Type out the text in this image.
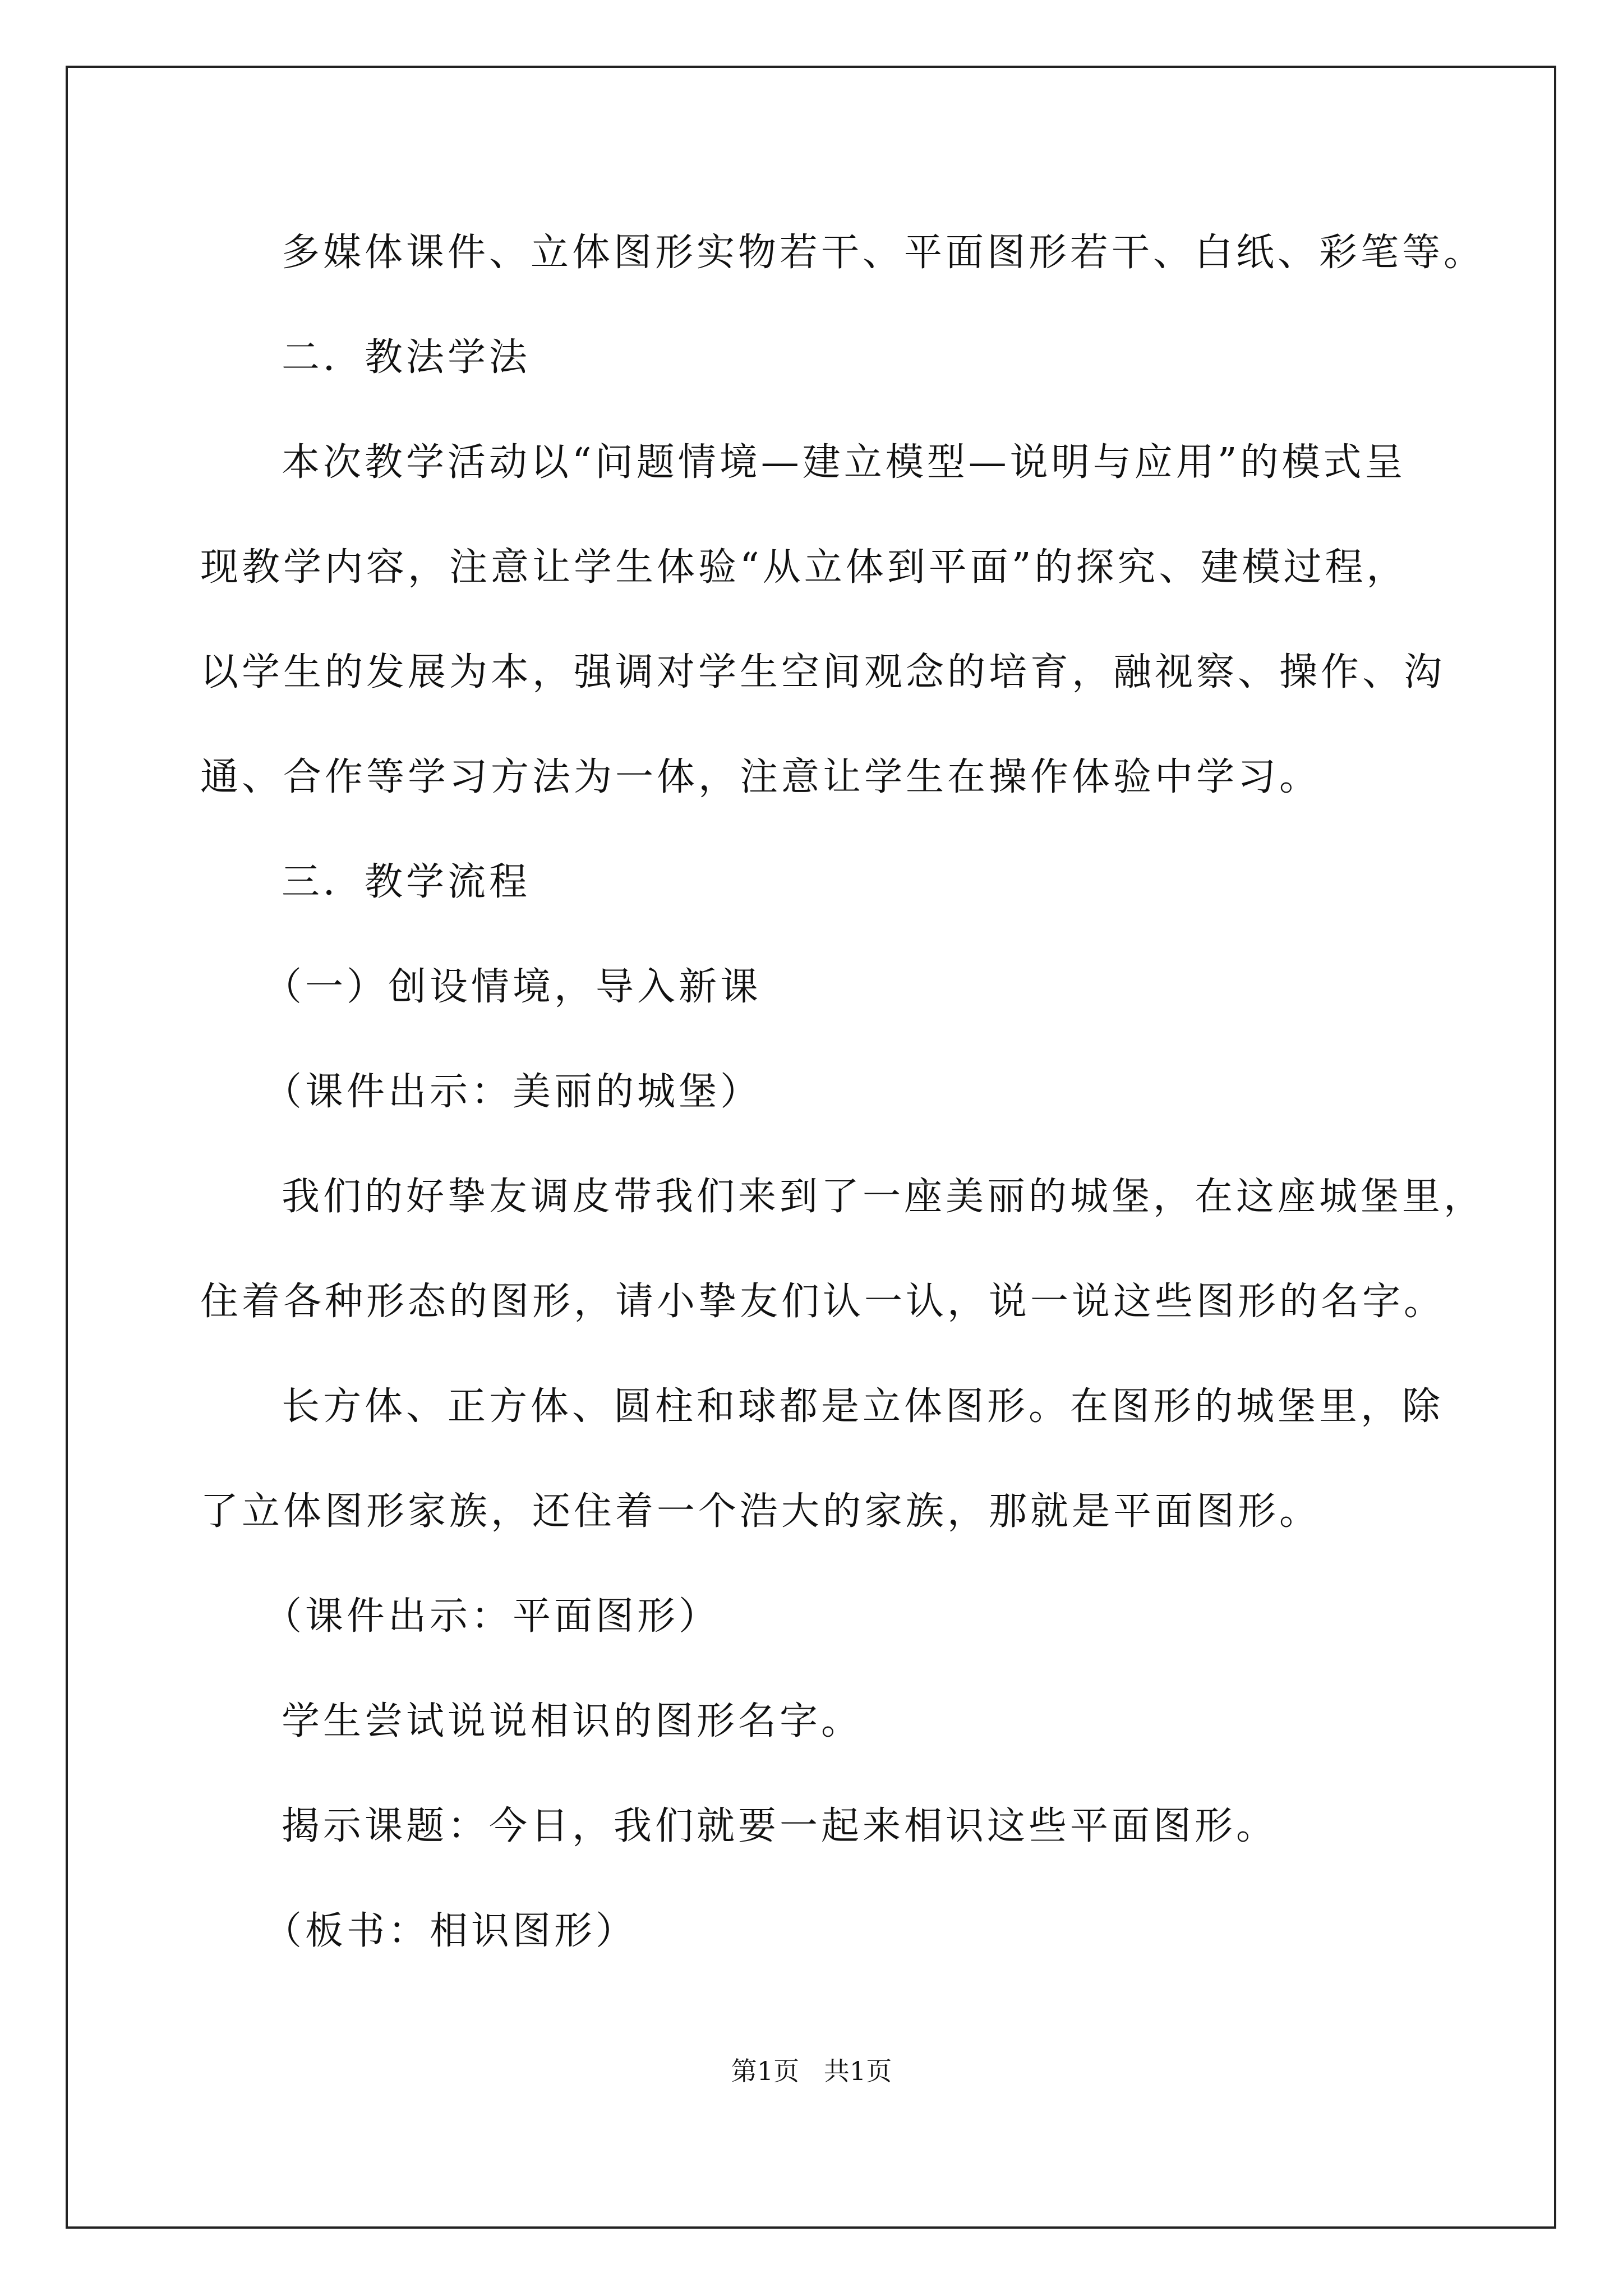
多媒体课件、立体图形实物若干、平面图形若干、白纸、彩笔等。
二．教法学法
本次教学活动以“问题情境—建立模型—说明与应用”的模式呈
现教学内容，注意让学生体验“从立体到平面”的探究、建模过程，
以学生的发展为本，强调对学生空间观念的培育，融视察、操作、沟
通、合作等学习方法为一体，注意让学生在操作体验中学习。
三．教学流程
（一）创设情境，导入新课
（课件出示：美丽的城堡）
我们的好挚友调皮带我们来到了一座美丽的城堡，在这座城堡里，
住着各种形态的图形，请小挚友们认一认，说一说这些图形的名字。
长方体、正方体、圆柱和球都是立体图形。在图形的城堡里，除
了立体图形家族，还住着一个浩大的家族，那就是平面图形。
（课件出示：平面图形）
学生尝试说说相识的图形名字。
揭示课题：今日，我们就要一起来相识这些平面图形。
（板书：相识图形）
第1页   共1页
